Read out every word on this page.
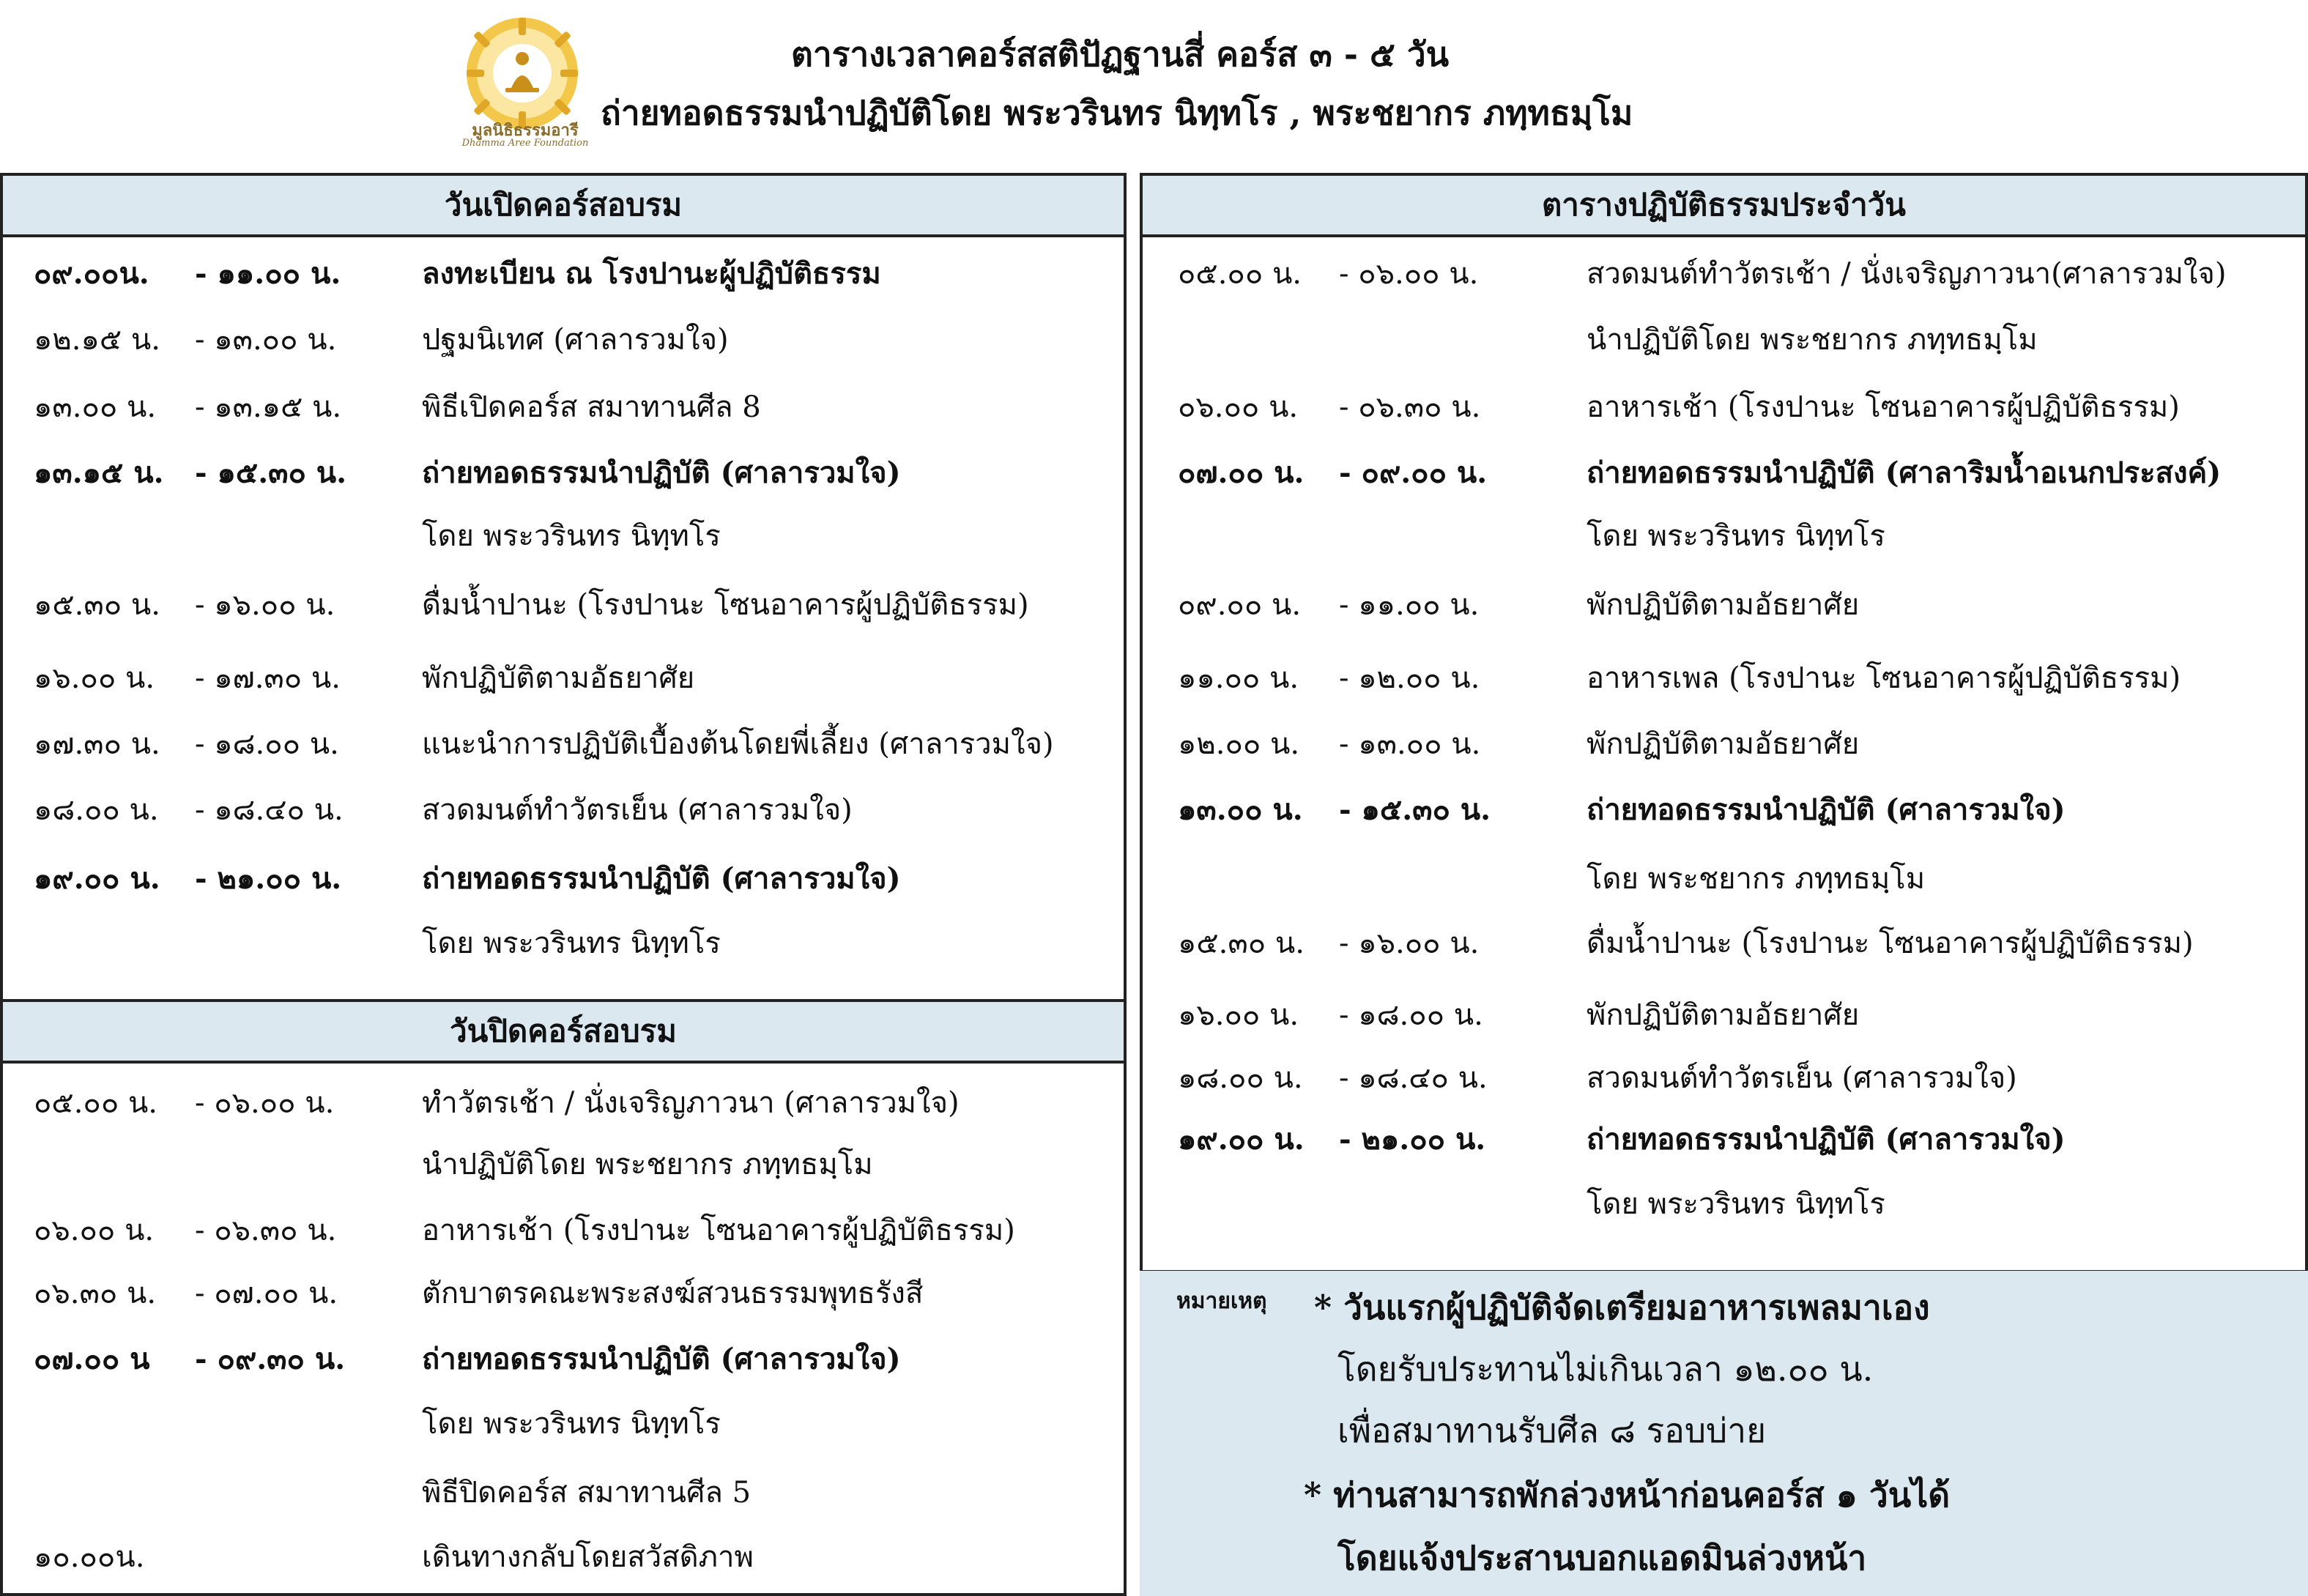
มูลนิธิธรรมอารี
Dhamma Aree Foundation
ตารางเวลาคอร์สสติปัฏฐานสี่ คอร์ส ๓ - ๕ วัน
ถ่ายทอดธรรมนำปฏิบัติโดย พระวรินทร นิทฺทโร , พระชยากร ภทฺทธมฺโม
วันเปิดคอร์สอบรม
๐๙.๐๐น. - ๑๑.๐๐ น.	ลงทะเบียน ณ โรงปานะผู้ปฏิบัติธรรม
๑๒.๑๕ น. - ๑๓.๐๐ น.	ปฐมนิเทศ (ศาลารวมใจ)
๑๓.๐๐ น. - ๑๓.๑๕ น.	พิธีเปิดคอร์ส สมาทานศีล 8
๑๓.๑๕ น. - ๑๕.๓๐ น.	ถ่ายทอดธรรมนำปฏิบัติ (ศาลารวมใจ)
โดย พระวรินทร นิทฺทโร
๑๕.๓๐ น. - ๑๖.๐๐ น.	ดื่มน้ำปานะ (โรงปานะ โซนอาคารผู้ปฏิบัติธรรม)
๑๖.๐๐ น. - ๑๗.๓๐ น.	พักปฏิบัติตามอัธยาศัย
๑๗.๓๐ น. - ๑๘.๐๐ น.	แนะนำการปฏิบัติเบื้องต้นโดยพี่เลี้ยง (ศาลารวมใจ)
๑๘.๐๐ น. - ๑๘.๔๐ น.	สวดมนต์ทำวัตรเย็น (ศาลารวมใจ)
๑๙.๐๐ น. - ๒๑.๐๐ น.	ถ่ายทอดธรรมนำปฏิบัติ (ศาลารวมใจ)
โดย พระวรินทร นิทฺทโร
วันปิดคอร์สอบรม
๐๕.๐๐ น. - ๐๖.๐๐ น.	ทำวัตรเช้า / นั่งเจริญภาวนา (ศาลารวมใจ)
นำปฏิบัติโดย พระชยากร ภทฺทธมฺโม
๐๖.๐๐ น. - ๐๖.๓๐ น.	อาหารเช้า (โรงปานะ โซนอาคารผู้ปฏิบัติธรรม)
๐๖.๓๐ น. - ๐๗.๐๐ น.	ตักบาตรคณะพระสงฆ์สวนธรรมพุทธรังสี
๐๗.๐๐ น - ๐๙.๓๐ น.	ถ่ายทอดธรรมนำปฏิบัติ (ศาลารวมใจ)
โดย พระวรินทร นิทฺทโร
พิธีปิดคอร์ส สมาทานศีล 5
๑๐.๐๐น.	เดินทางกลับโดยสวัสดิภาพ
ตารางปฏิบัติธรรมประจำวัน
๐๕.๐๐ น. - ๐๖.๐๐ น.	สวดมนต์ทำวัตรเช้า / นั่งเจริญภาวนา(ศาลารวมใจ)
นำปฏิบัติโดย พระชยากร ภทฺทธมฺโม
๐๖.๐๐ น. - ๐๖.๓๐ น.	อาหารเช้า (โรงปานะ โซนอาคารผู้ปฏิบัติธรรม)
๐๗.๐๐ น. - ๐๙.๐๐ น.	ถ่ายทอดธรรมนำปฏิบัติ (ศาลาริมน้ำอเนกประสงค์)
โดย พระวรินทร นิทฺทโร
๐๙.๐๐ น. - ๑๑.๐๐ น.	พักปฏิบัติตามอัธยาศัย
๑๑.๐๐ น. - ๑๒.๐๐ น.	อาหารเพล (โรงปานะ โซนอาคารผู้ปฏิบัติธรรม)
๑๒.๐๐ น. - ๑๓.๐๐ น.	พักปฏิบัติตามอัธยาศัย
๑๓.๐๐ น. - ๑๕.๓๐ น.	ถ่ายทอดธรรมนำปฏิบัติ (ศาลารวมใจ)
โดย พระชยากร ภทฺทธมฺโม
๑๕.๓๐ น. - ๑๖.๐๐ น.	ดื่มน้ำปานะ (โรงปานะ โซนอาคารผู้ปฏิบัติธรรม)
๑๖.๐๐ น. - ๑๘.๐๐ น.	พักปฏิบัติตามอัธยาศัย
๑๘.๐๐ น. - ๑๘.๔๐ น.	สวดมนต์ทำวัตรเย็น (ศาลารวมใจ)
๑๙.๐๐ น. - ๒๑.๐๐ น.	ถ่ายทอดธรรมนำปฏิบัติ (ศาลารวมใจ)
โดย พระวรินทร นิทฺทโร
หมายเหตุ * วันแรกผู้ปฏิบัติจัดเตรียมอาหารเพลมาเอง
โดยรับประทานไม่เกินเวลา ๑๒.๐๐ น.
เพื่อสมาทานรับศีล ๘ รอบบ่าย
* ท่านสามารถพักล่วงหน้าก่อนคอร์ส ๑ วันได้
โดยแจ้งประสานบอกแอดมินล่วงหน้า
